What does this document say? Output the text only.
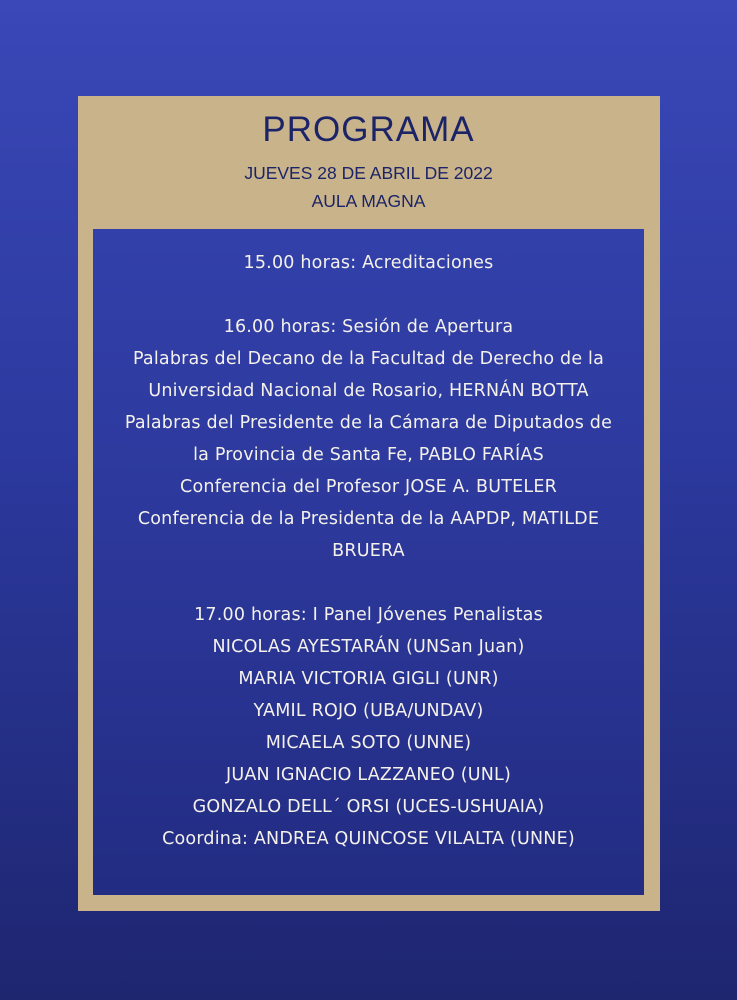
PROGRAMA
JUEVES 28 DE ABRIL DE 2022
AULA MAGNA
15.00 horas: Acreditaciones
16.00 horas: Sesión de Apertura
Palabras del Decano de la Facultad de Derecho de la
Universidad Nacional de Rosario, HERNÁN BOTTA
Palabras del Presidente de la Cámara de Diputados de
la Provincia de Santa Fe, PABLO FARÍAS
Conferencia del Profesor JOSE A. BUTELER
Conferencia de la Presidenta de la AAPDP, MATILDE
BRUERA
17.00 horas: I Panel Jóvenes Penalistas
NICOLAS AYESTARÁN (UNSan Juan)
MARIA VICTORIA GIGLI (UNR)
YAMIL ROJO (UBA/UNDAV)
MICAELA SOTO (UNNE)
JUAN IGNACIO LAZZANEO (UNL)
GONZALO DELL´ ORSI (UCES-USHUAIA)
Coordina: ANDREA QUINCOSE VILALTA (UNNE)
